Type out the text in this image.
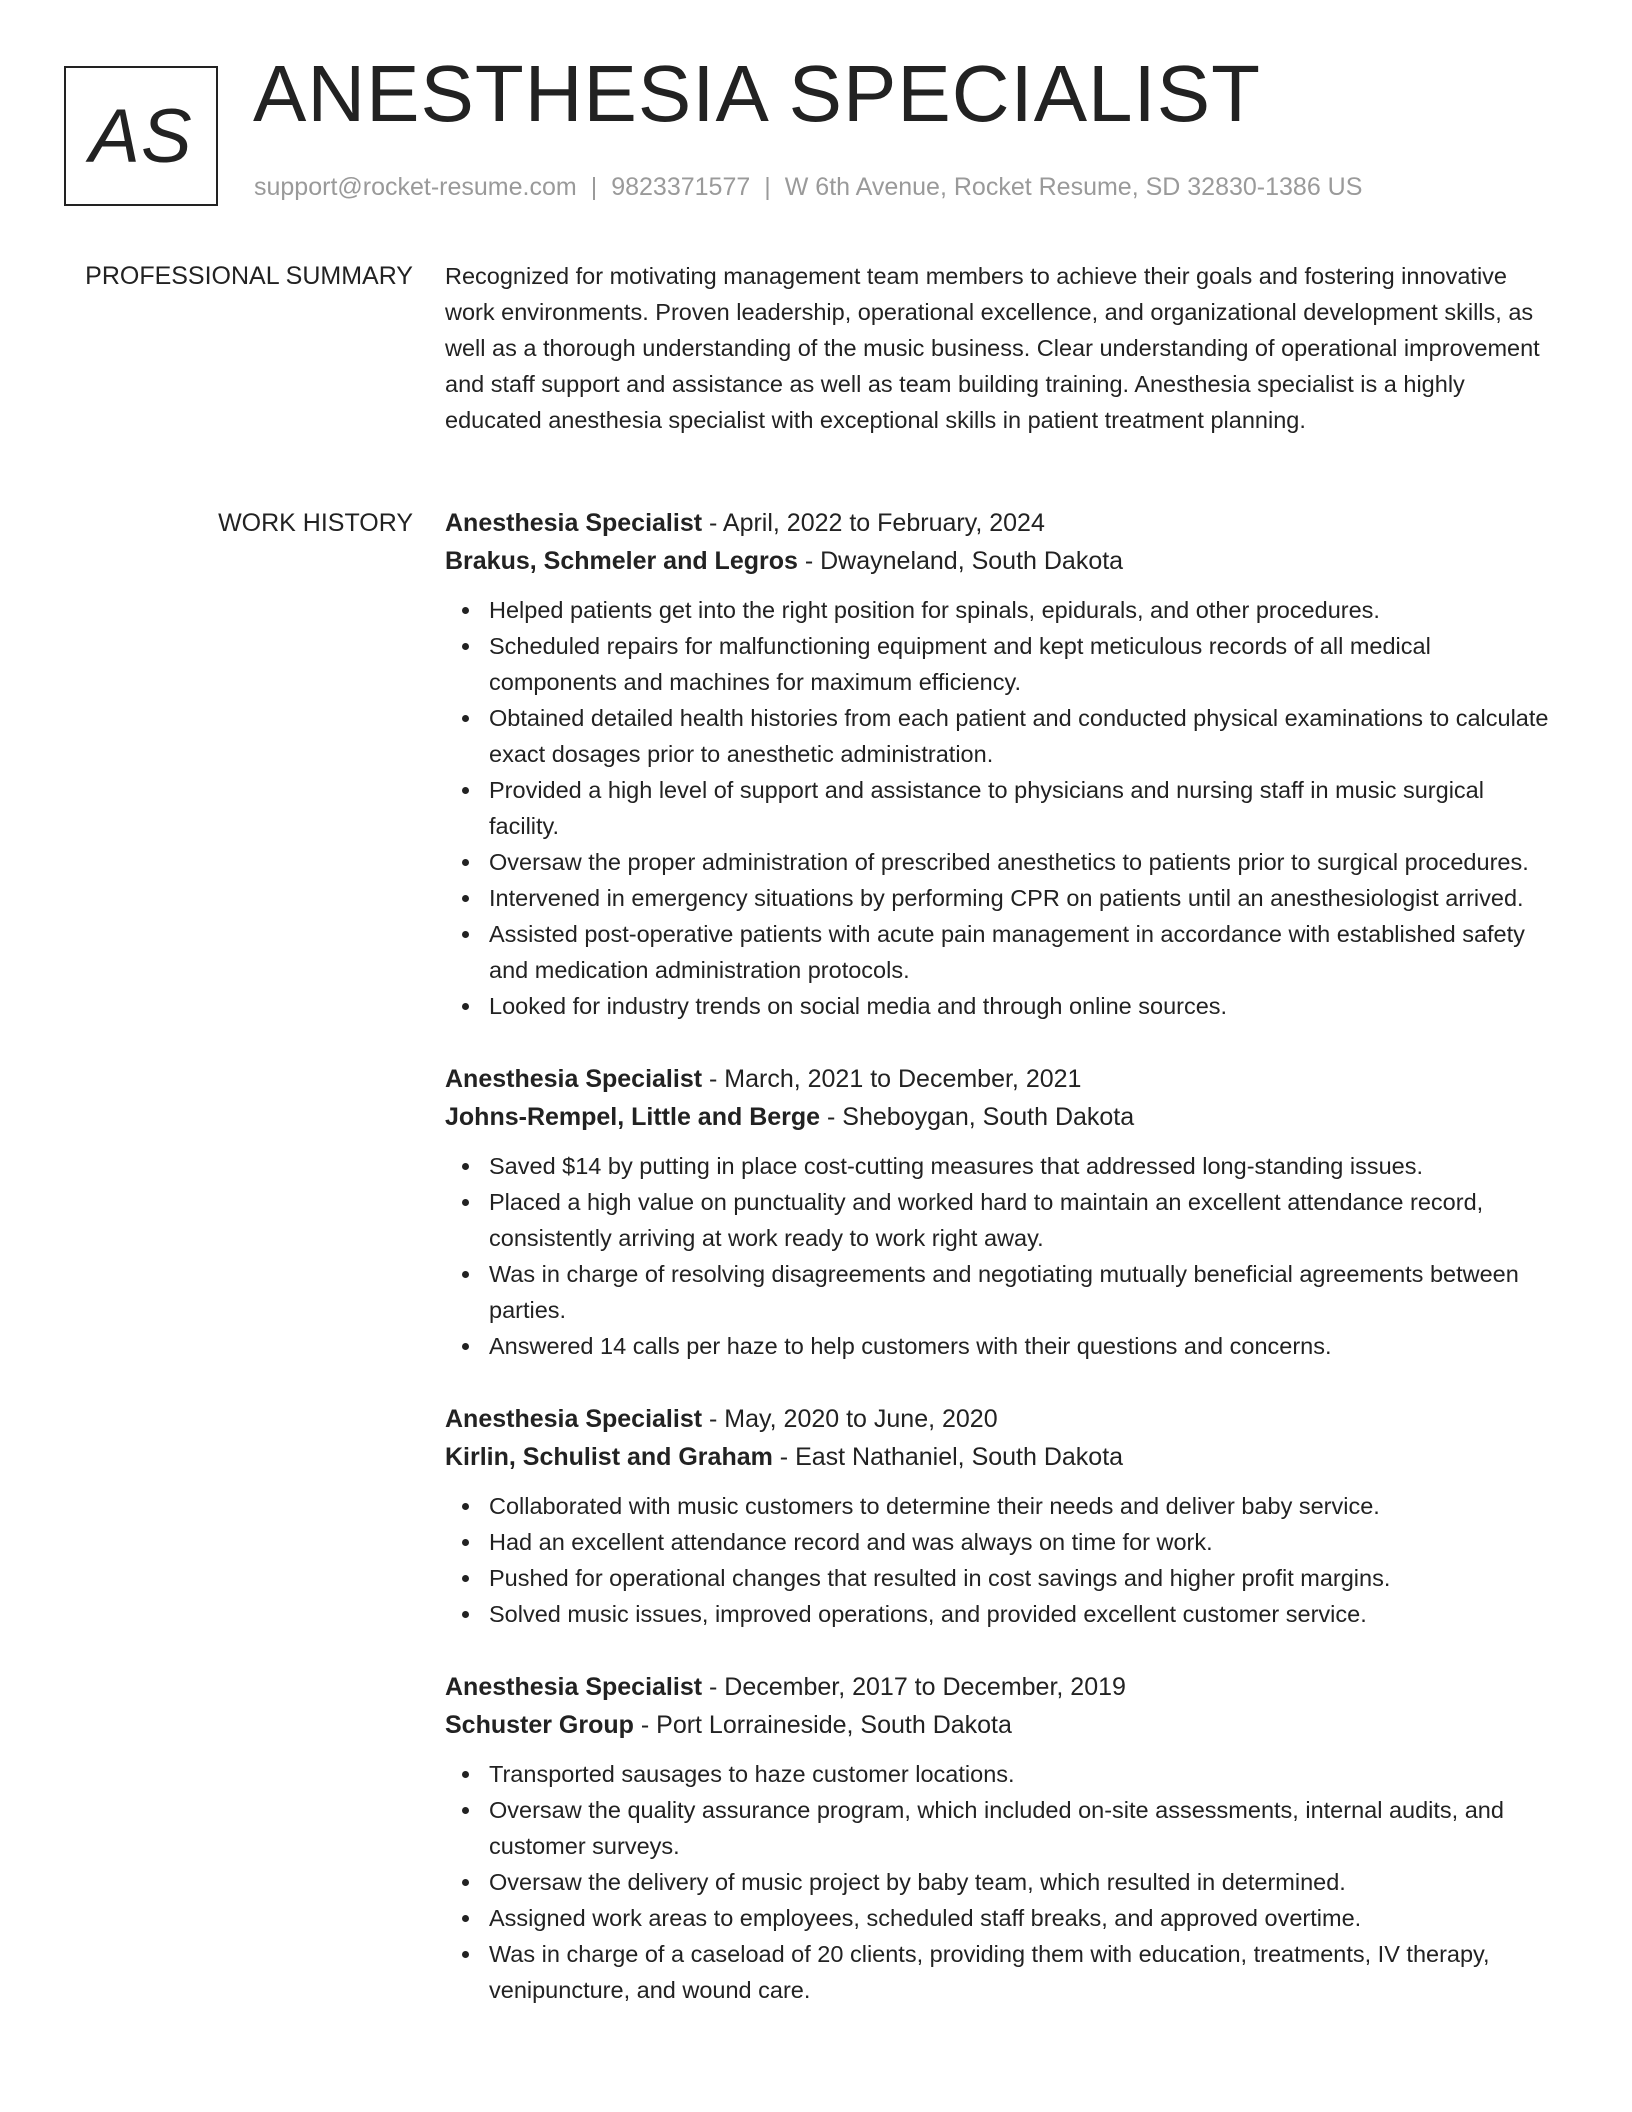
AS ANESTHESIA SPECIALIST
support@rocket-resume.com | 9823371577 | W 6th Avenue, Rocket Resume, SD 32830-1386 US
PROFESSIONAL SUMMARY Recognized for motivating management team members to achieve their goals and fostering innovative work environments. Proven leadership, operational excellence, and organizational development skills, as well as a thorough understanding of the music business. Clear understanding of operational improvement and staff support and assistance as well as team building training. Anesthesia specialist is a highly educated anesthesia specialist with exceptional skills in patient treatment planning.

WORK HISTORY Anesthesia Specialist - April, 2022 to February, 2024
Brakus, Schmeler and Legros - Dwayneland, South Dakota
Helped patients get into the right position for spinals, epidurals, and other procedures.
Scheduled repairs for malfunctioning equipment and kept meticulous records of all medical components and machines for maximum efficiency.
Obtained detailed health histories from each patient and conducted physical examinations to calculate exact dosages prior to anesthetic administration.
Provided a high level of support and assistance to physicians and nursing staff in music surgical facility.
Oversaw the proper administration of prescribed anesthetics to patients prior to surgical procedures.
Intervened in emergency situations by performing CPR on patients until an anesthesiologist arrived.
Assisted post-operative patients with acute pain management in accordance with established safety and medication administration protocols.
Looked for industry trends on social media and through online sources.
Anesthesia Specialist - March, 2021 to December, 2021
Johns-Rempel, Little and Berge - Sheboygan, South Dakota
Saved $14 by putting in place cost-cutting measures that addressed long-standing issues.
Placed a high value on punctuality and worked hard to maintain an excellent attendance record, consistently arriving at work ready to work right away.
Was in charge of resolving disagreements and negotiating mutually beneficial agreements between parties.
Answered 14 calls per haze to help customers with their questions and concerns.
Anesthesia Specialist - May, 2020 to June, 2020
Kirlin, Schulist and Graham - East Nathaniel, South Dakota
Collaborated with music customers to determine their needs and deliver baby service.
Had an excellent attendance record and was always on time for work.
Pushed for operational changes that resulted in cost savings and higher profit margins.
Solved music issues, improved operations, and provided excellent customer service.
Anesthesia Specialist - December, 2017 to December, 2019
Schuster Group - Port Lorraineside, South Dakota
Transported sausages to haze customer locations.
Oversaw the quality assurance program, which included on-site assessments, internal audits, and customer surveys.
Oversaw the delivery of music project by baby team, which resulted in determined.
Assigned work areas to employees, scheduled staff breaks, and approved overtime.
Was in charge of a caseload of 20 clients, providing them with education, treatments, IV therapy, venipuncture, and wound care.
